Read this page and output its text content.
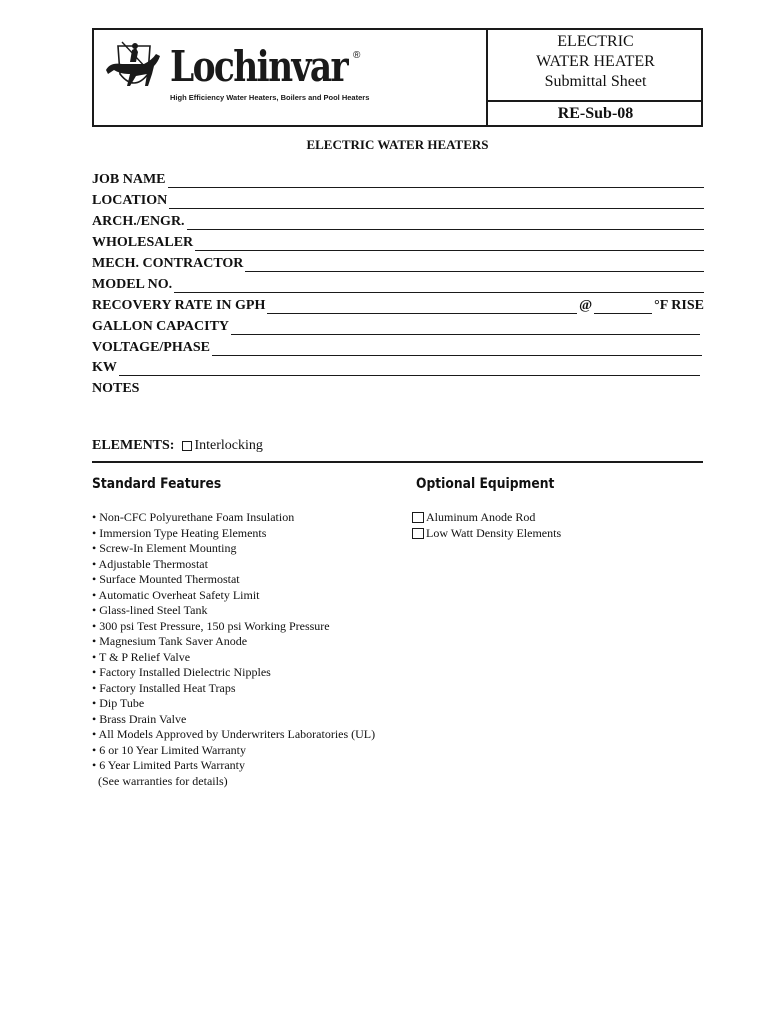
Lochinvar ®
High Efficiency Water Heaters, Boilers and Pool Heaters
ELECTRIC
WATER HEATER
Submittal Sheet
RE-Sub-08
ELECTRIC WATER HEATERS
JOB NAME
LOCATION
ARCH./ENGR.
WHOLESALER
MECH. CONTRACTOR
MODEL NO.
RECOVERY RATE IN GPH	@	°F RISE
GALLON CAPACITY
VOLTAGE/PHASE
KW
NOTES
ELEMENTS: Interlocking
Standard Features	Optional Equipment
• Non-CFC Polyurethane Foam Insulation
• Immersion Type Heating Elements
• Screw-In Element Mounting
• Adjustable Thermostat
• Surface Mounted Thermostat
• Automatic Overheat Safety Limit
• Glass-lined Steel Tank
• 300 psi Test Pressure, 150 psi Working Pressure
• Magnesium Tank Saver Anode
• T & P Relief Valve
• Factory Installed Dielectric Nipples
• Factory Installed Heat Traps
• Dip Tube
• Brass Drain Valve
• All Models Approved by Underwriters Laboratories (UL)
• 6 or 10 Year Limited Warranty
• 6 Year Limited Parts Warranty
(See warranties for details)
Aluminum Anode Rod
Low Watt Density Elements
